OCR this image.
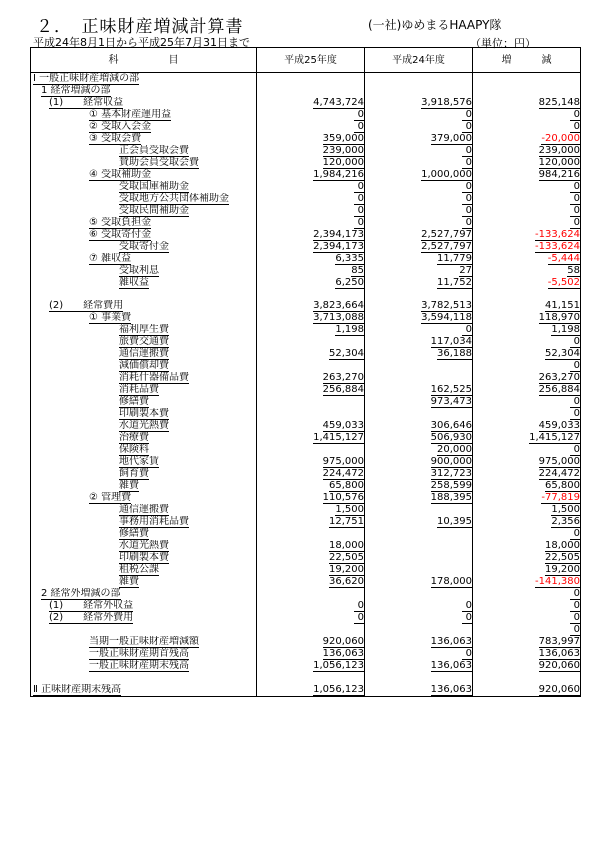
２．　正味財産増減計算書	(一社)ゆめまるHAAPY隊
平成24年8月1日から平成25年7月31日まで	（単位：円）
科　　　　　目	平成25年度	平成24年度	増　　　減
Ⅰ 一般正味財産増減の部			
1 経常増減の部			
(1)　　経常収益	4,743,724	3,918,576	825,148
① 基本財産運用益	0	0	0
② 受取入会金	0	0	0
③ 受取会費	359,000	379,000	-20,000
正会員受取会費	239,000	0	239,000
賛助会員受取会費	120,000	0	120,000
④ 受取補助金	1,984,216	1,000,000	984,216
受取国庫補助金	0	0	0
受取地方公共団体補助金	0	0	0
受取民間補助金	0	0	0
⑤ 受取負担金	0	0	0
⑥ 受取寄付金	2,394,173	2,527,797	-133,624
受取寄付金	2,394,173	2,527,797	-133,624
⑦ 雑収益	6,335	11,779	-5,444
受取利息	85	27	58
雑収益	6,250	11,752	-5,502

(2)　　経常費用	3,823,664	3,782,513	41,151
① 事業費	3,713,088	3,594,118	118,970
福利厚生費	1,198	0	1,198
旅費交通費		117,034	0
通信運搬費	52,304	36,188	52,304
減価償却費			0
消耗什器備品費	263,270		263,270
消耗品費	256,884	162,525	256,884
修繕費		973,473	0
印刷製本費			0
水道光熱費	459,033	306,646	459,033
治療費	1,415,127	506,930	1,415,127
保険料		20,000	0
地代家賃	975,000	900,000	975,000
飼育費	224,472	312,723	224,472
雑費	65,800	258,599	65,800
② 管理費	110,576	188,395	-77,819
通信運搬費	1,500		1,500
事務用消耗品費	12,751	10,395	2,356
修繕費			0
水道光熱費	18,000		18,000
印刷製本費	22,505		22,505
租税公課	19,200		19,200
雑費	36,620	178,000	-141,380
2 経常外増減の部			0
(1)　　経常外収益	0	0	0
(2)　　経常外費用	0	0	0
			0
当期一般正味財産増減額	920,060	136,063	783,997
一般正味財産期首残高	136,063	0	136,063
一般正味財産期末残高	1,056,123	136,063	920,060

Ⅱ 正味財産期末残高	1,056,123	136,063	920,060
